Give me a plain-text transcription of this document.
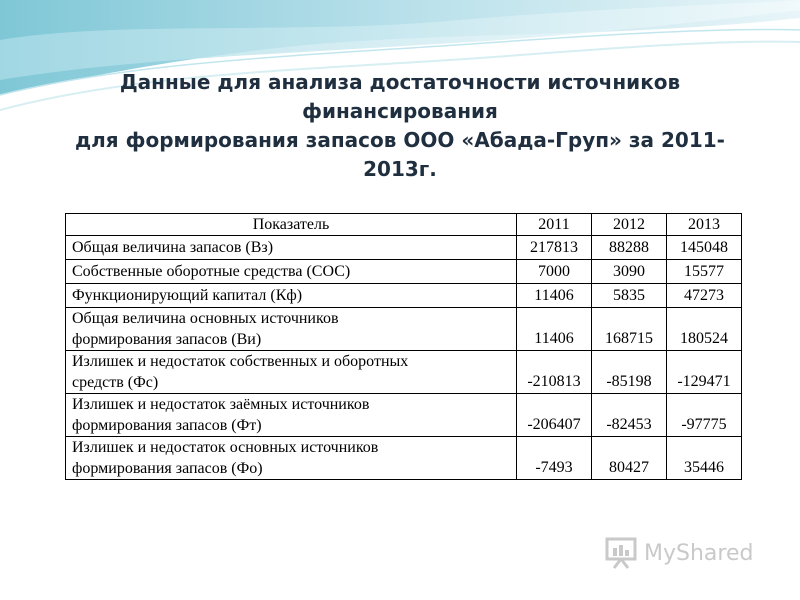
Данные для анализа достаточности источников
финансирования
для формирования запасов ООО «Абада-Груп» за 2011-2013г.
Показатель	2011	2012	2013
Общая величина запасов (Вз)	217813	88288	145048
Собственные оборотные средства (СОС)	7000	3090	15577
Функционирующий капитал (Кф)	11406	5835	47273

Общая величина основных источников
формирования запасов (Ви)	11406	168715	180524

Излишек и недостаток собственных и оборотных
средств (Фс)	-210813	-85198	-129471

Излишек и недостаток заёмных источников
формирования запасов (Фт)	-206407	-82453	-97775

Излишек и недостаток основных источников
формирования запасов (Фо)	-7493	80427	35446
MyShared
